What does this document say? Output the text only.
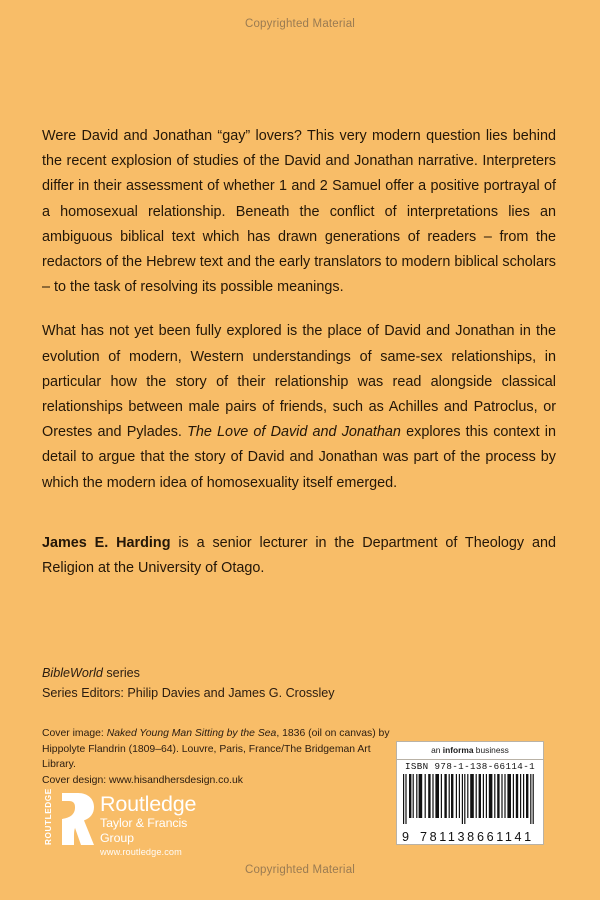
Copyrighted Material

Were David and Jonathan “gay” lovers? This very modern question lies behind the recent explosion of studies of the David and Jonathan narrative. Interpreters differ in their assessment of whether 1 and 2 Samuel offer a positive portrayal of a homosexual relationship. Beneath the conflict of interpretations lies an ambiguous biblical text which has drawn generations of readers – from the redactors of the Hebrew text and the early translators to modern biblical scholars – to the task of resolving its possible meanings.

What has not yet been fully explored is the place of David and Jonathan in the evolution of modern, Western understandings of same-sex relationships, in particular how the story of their relationship was read alongside classical relationships between male pairs of friends, such as Achilles and Patroclus, or Orestes and Pylades. The Love of David and Jonathan explores this context in detail to argue that the story of David and Jonathan was part of the process by which the modern idea of homosexuality itself emerged.

James E. Harding is a senior lecturer in the Department of Theology and Religion at the University of Otago.

BibleWorld series
Series Editors: Philip Davies and James G. Crossley
Cover image: Naked Young Man Sitting by the Sea, 1836 (oil on canvas) by
Hippolyte Flandrin (1809–64). Louvre, Paris, France/The Bridgeman Art Library.
Cover design: www.hisandhersdesign.co.uk
ROUTLEDGE Routledge
Taylor & Francis Group
www.routledge.com
an informa business
ISBN 978-1-138-66114-1
9 781138 661141
Copyrighted Material
